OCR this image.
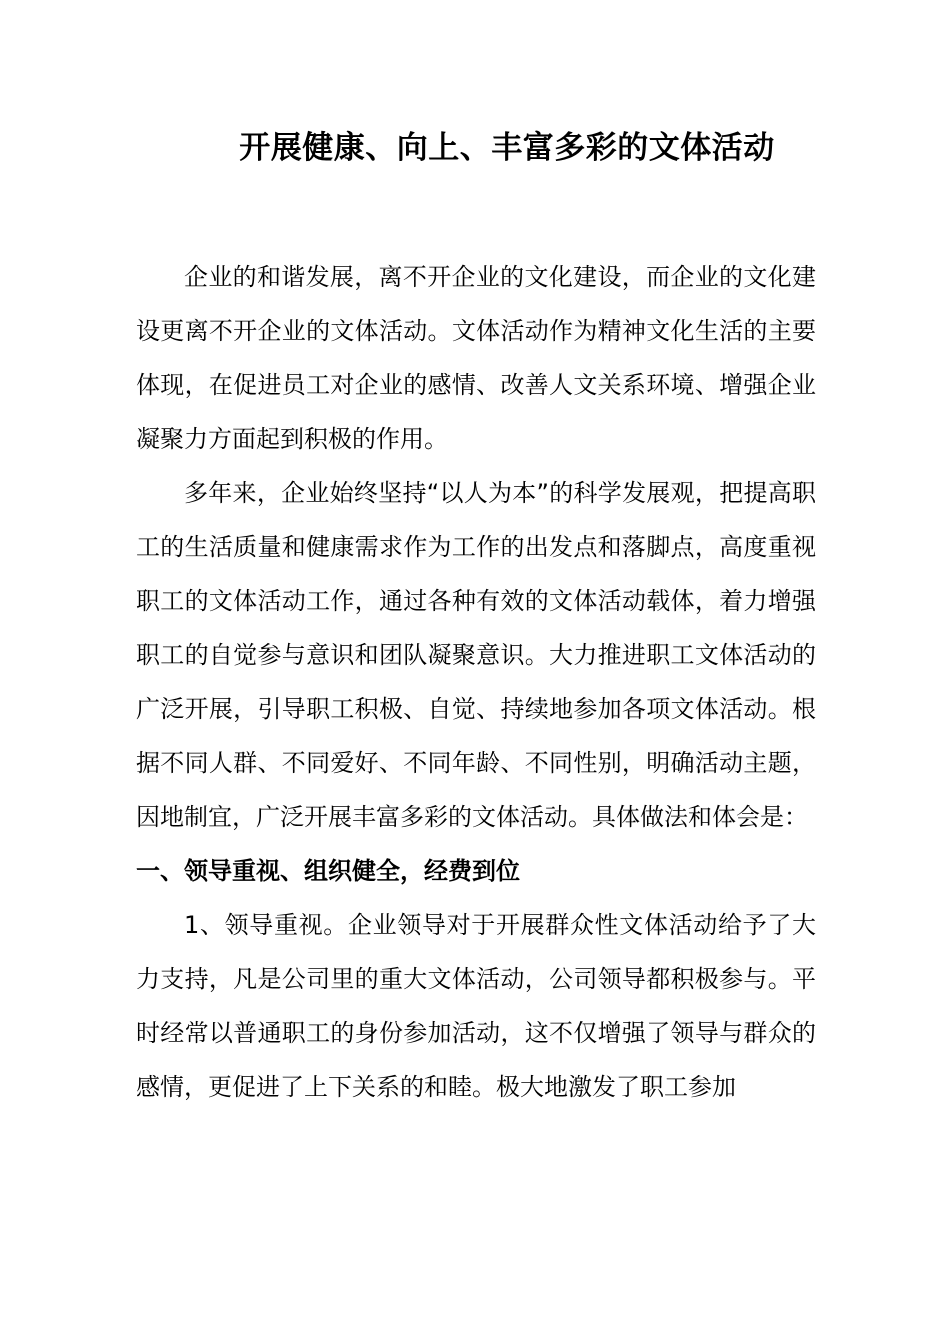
开展健康、向上、丰富多彩的文体活动

企业的和谐发展，离不开企业的文化建设，而企业的文化建设更离不开企业的文体活动。文体活动作为精神文化生活的主要体现，在促进员工对企业的感情、改善人文关系环境、增强企业凝聚力方面起到积极的作用。

多年来，企业始终坚持“以人为本”的科学发展观，把提高职工的生活质量和健康需求作为工作的出发点和落脚点，高度重视职工的文体活动工作，通过各种有效的文体活动载体，着力增强职工的自觉参与意识和团队凝聚意识。大力推进职工文体活动的广泛开展，引导职工积极、自觉、持续地参加各项文体活动。根据不同人群、不同爱好、不同年龄、不同性别，明确活动主题，因地制宜，广泛开展丰富多彩的文体活动。具体做法和体会是：

一、领导重视、组织健全，经费到位

1、领导重视。企业领导对于开展群众性文体活动给予了大力支持，凡是公司里的重大文体活动，公司领导都积极参与。平时经常以普通职工的身份参加活动，这不仅增强了领导与群众的感情，更促进了上下关系的和睦。极大地激发了职工参加
